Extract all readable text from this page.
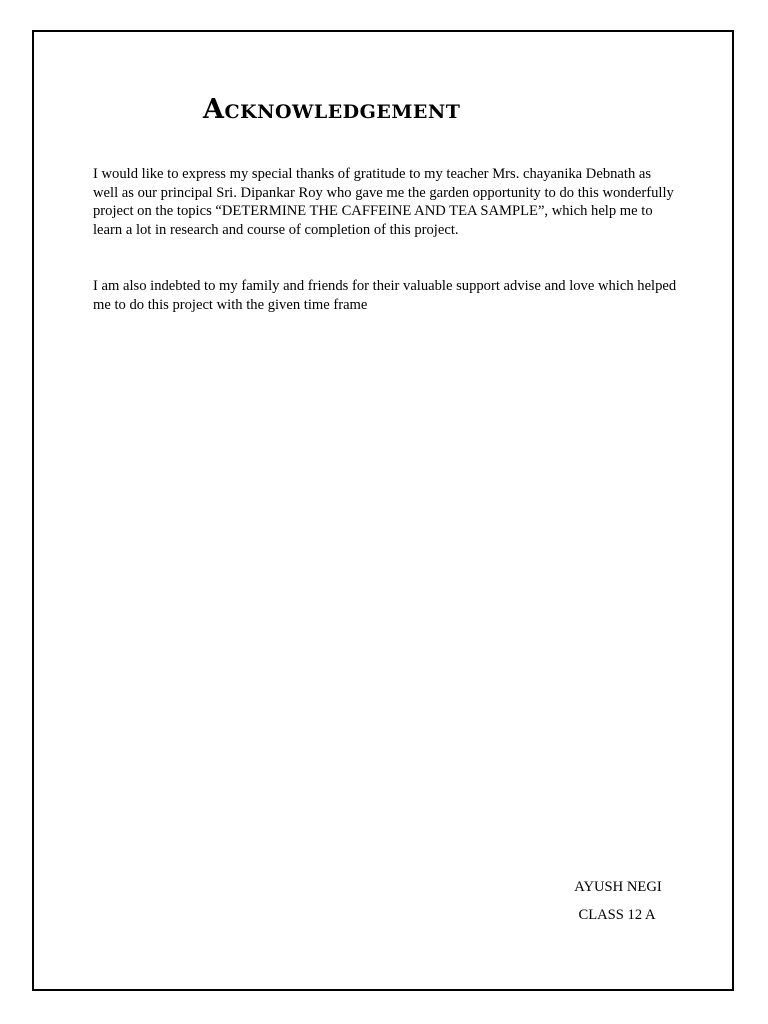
Acknowledgement

I would like to express my special thanks of gratitude to my teacher Mrs. chayanika Debnath as well as our principal Sri. Dipankar Roy who gave me the garden opportunity to do this wonderfully project on the topics “DETERMINE THE CAFFEINE AND TEA SAMPLE”, which help me to learn a lot in research and course of completion of this project.

I am also indebted to my family and friends for their valuable support advise and love which helped me to do this project with the given time frame

AYUSH NEGI
CLASS 12 A
